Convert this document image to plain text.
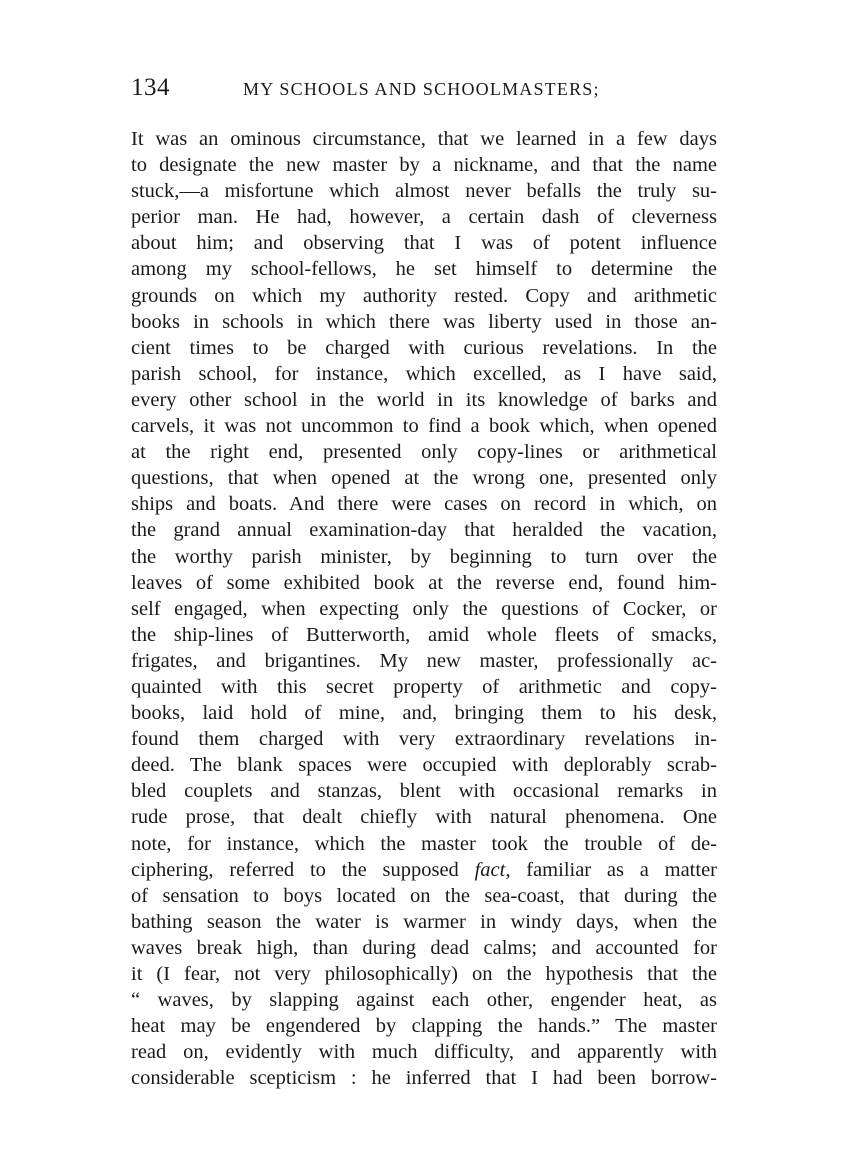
134	MY SCHOOLS AND SCHOOLMASTERS;
It was an ominous circumstance, that we learned in a few days
to designate the new master by a nickname, and that the name
stuck,—a misfortune which almost never befalls the truly su-
perior man. He had, however, a certain dash of cleverness
about him; and observing that I was of potent influence
among my school-fellows, he set himself to determine the
grounds on which my authority rested. Copy and arithmetic
books in schools in which there was liberty used in those an-
cient times to be charged with curious revelations. In the
parish school, for instance, which excelled, as I have said,
every other school in the world in its knowledge of barks and
carvels, it was not uncommon to find a book which, when opened
at the right end, presented only copy-lines or arithmetical
questions, that when opened at the wrong one, presented only
ships and boats. And there were cases on record in which, on
the grand annual examination-day that heralded the vacation,
the worthy parish minister, by beginning to turn over the
leaves of some exhibited book at the reverse end, found him-
self engaged, when expecting only the questions of Cocker, or
the ship-lines of Butterworth, amid whole fleets of smacks,
frigates, and brigantines. My new master, professionally ac-
quainted with this secret property of arithmetic and copy-
books, laid hold of mine, and, bringing them to his desk,
found them charged with very extraordinary revelations in-
deed. The blank spaces were occupied with deplorably scrab-
bled couplets and stanzas, blent with occasional remarks in
rude prose, that dealt chiefly with natural phenomena. One
note, for instance, which the master took the trouble of de-
ciphering, referred to the supposed fact, familiar as a matter
of sensation to boys located on the sea-coast, that during the
bathing season the water is warmer in windy days, when the
waves break high, than during dead calms; and accounted for
it (I fear, not very philosophically) on the hypothesis that the
“ waves, by slapping against each other, engender heat, as
heat may be engendered by clapping the hands.” The master
read on, evidently with much difficulty, and apparently with
considerable scepticism : he inferred that I had been borrow-
